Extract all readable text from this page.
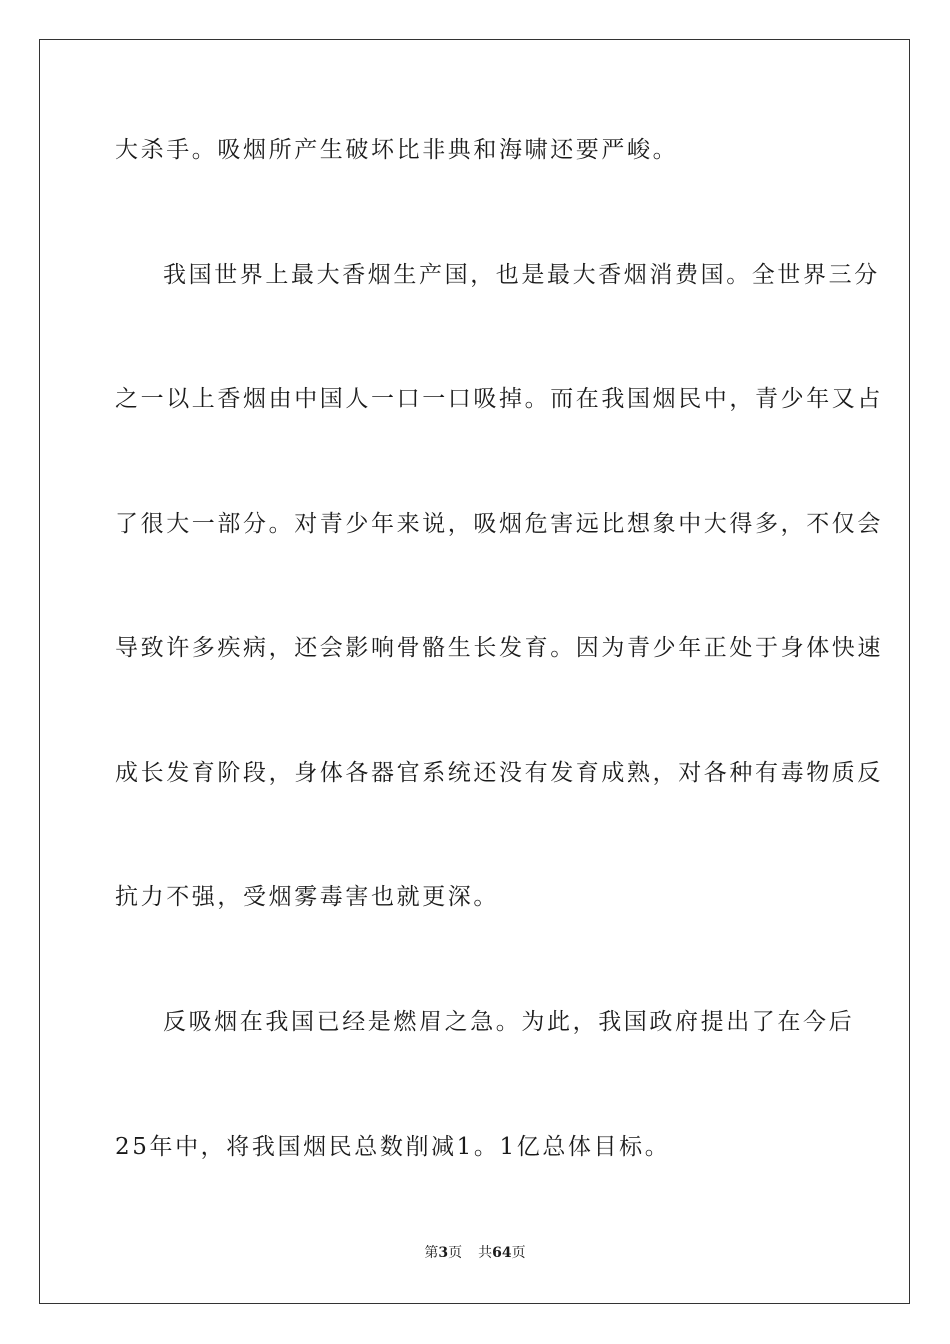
大杀手。吸烟所产生破坏比非典和海啸还要严峻。
我国世界上最大香烟生产国，也是最大香烟消费国。全世界三分
之一以上香烟由中国人一口一口吸掉。而在我国烟民中，青少年又占
了很大一部分。对青少年来说，吸烟危害远比想象中大得多，不仅会
导致许多疾病，还会影响骨骼生长发育。因为青少年正处于身体快速
成长发育阶段，身体各器官系统还没有发育成熟，对各种有毒物质反
抗力不强，受烟雾毒害也就更深。
反吸烟在我国已经是燃眉之急。为此，我国政府提出了在今后
25年中，将我国烟民总数削减1。1亿总体目标。
第3页 共64页
